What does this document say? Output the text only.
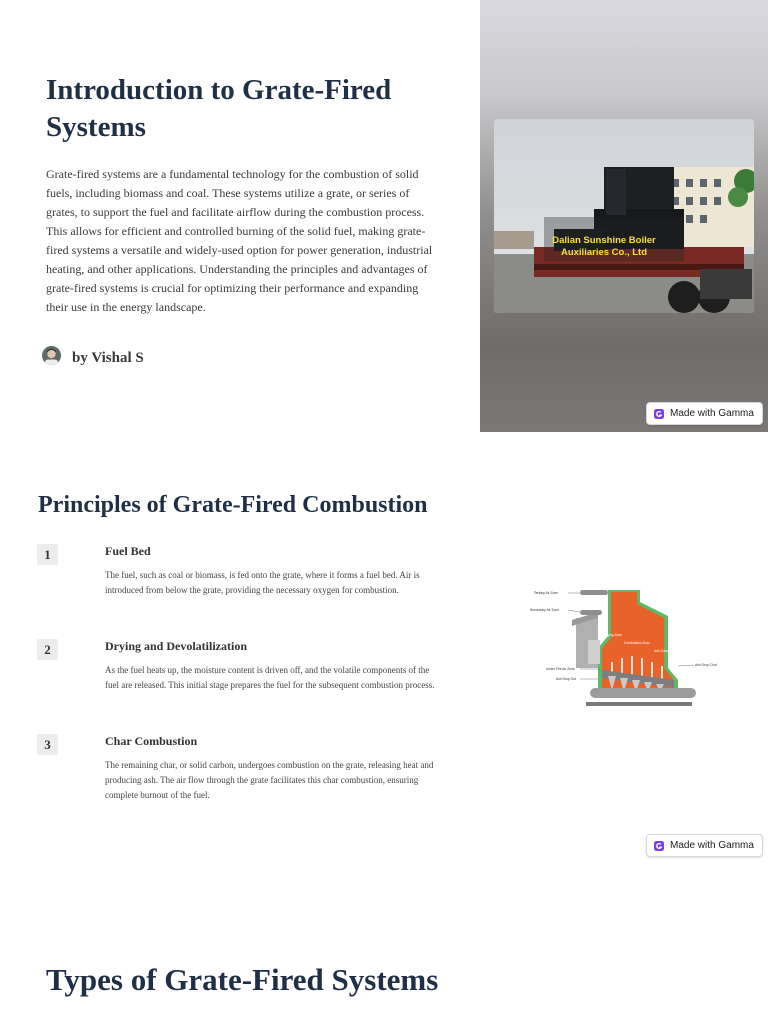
Introduction to Grate-Fired Systems

Grate-fired systems are a fundamental technology for the combustion of solid fuels, including biomass and coal. These systems utilize a grate, or series of grates, to support the fuel and facilitate airflow during the combustion process. This allows for efficient and controlled burning of the solid fuel, making grate-fired systems a versatile and widely-used option for power generation, industrial heating, and other applications. Understanding the principles and advantages of grate-fired systems is crucial for optimizing their performance and expanding their use in the energy landscape.

by Vishal S
Dalian Sunshine Boiler
Auxiliaries Co., Ltd
Made with Gamma
Principles of Grate-Fired Combustion
1	Fuel Bed

The fuel, such as coal or biomass, is fed onto the grate, where it forms a fuel bed. Air is introduced from below the grate, providing the necessary oxygen for combustion.

2	Drying and Devolatilization

As the fuel heats up, the moisture content is driven off, and the volatile components of the fuel are released. This initial stage prepares the fuel for the subsequent combustion process.

3	Char Combustion

The remaining char, or solid carbon, undergoes combustion on the grate, releasing heat and producing ash. The air flow through the grate facilitates this char combustion, ensuring complete burnout of the fuel.

Tertiary Air Zone
Secondary Air Zone
Drying Zone
Combustion Zone
Ash Zone
Under Fire Air Zone
Ash Drop Out
Ash Drop Chut
Made with Gamma
Types of Grate-Fired Systems
